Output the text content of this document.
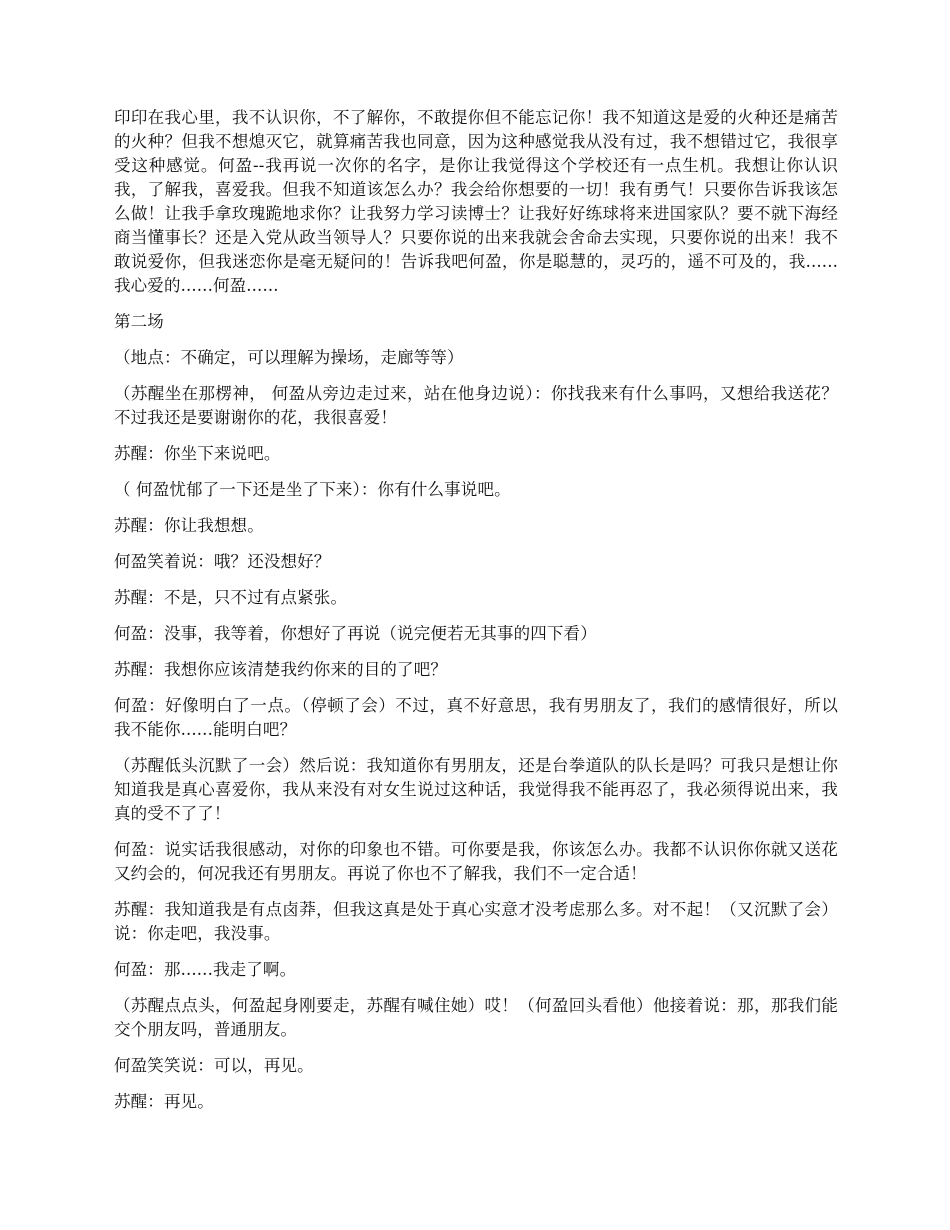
印印在我心里，我不认识你，不了解你，不敢提你但不能忘记你！我不知道这是爱的火种还是痛苦的火种？但我不想熄灭它，就算痛苦我也同意，因为这种感觉我从没有过，我不想错过它，我很享受这种感觉。何盈--我再说一次你的名字，是你让我觉得这个学校还有一点生机。我想让你认识我，了解我，喜爱我。但我不知道该怎么办？我会给你想要的一切！我有勇气！只要你告诉我该怎么做！让我手拿玫瑰跪地求你？让我努力学习读博士？让我好好练球将来进国家队？要不就下海经商当懂事长？还是入党从政当领导人？只要你说的出来我就会舍命去实现，只要你说的出来！我不敢说爱你，但我迷恋你是毫无疑问的！告诉我吧何盈，你是聪慧的，灵巧的，遥不可及的，我......我心爱的......何盈......

第二场

（地点：不确定，可以理解为操场，走廊等等）

（苏醒坐在那楞神， 何盈从旁边走过来，站在他身边说）：你找我来有什么事吗，又想给我送花？不过我还是要谢谢你的花，我很喜爱！

苏醒：你坐下来说吧。

（ 何盈忧郁了一下还是坐了下来）：你有什么事说吧。

苏醒：你让我想想。

何盈笑着说：哦？还没想好？

苏醒：不是，只不过有点紧张。

何盈：没事，我等着，你想好了再说（说完便若无其事的四下看）

苏醒：我想你应该清楚我约你来的目的了吧？

何盈：好像明白了一点。（停顿了会）不过，真不好意思，我有男朋友了，我们的感情很好，所以我不能你......能明白吧？

（苏醒低头沉默了一会）然后说：我知道你有男朋友，还是台拳道队的队长是吗？可我只是想让你知道我是真心喜爱你，我从来没有对女生说过这种话，我觉得我不能再忍了，我必须得说出来，我真的受不了了！

何盈：说实话我很感动，对你的印象也不错。可你要是我，你该怎么办。我都不认识你你就又送花又约会的，何况我还有男朋友。再说了你也不了解我，我们不一定合适！

苏醒：我知道我是有点卤莽，但我这真是处于真心实意才没考虑那么多。对不起！（又沉默了会）说：你走吧，我没事。

何盈：那......我走了啊。

（苏醒点点头，何盈起身刚要走，苏醒有喊住她）哎！（何盈回头看他）他接着说：那，那我们能交个朋友吗，普通朋友。

何盈笑笑说：可以，再见。

苏醒：再见。
